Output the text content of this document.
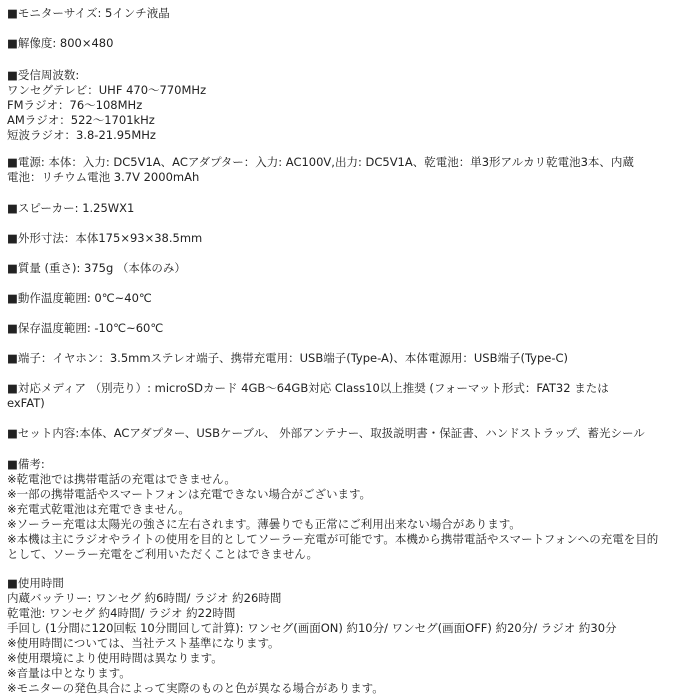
■モニターサイズ: 5インチ液晶
■解像度: 800×480
■受信周波数:
ワンセグテレビ：UHF 470～770MHz
FMラジオ：76～108MHz
AMラジオ：522～1701kHz
短波ラジオ：3.8-21.95MHz
■電源: 本体：入力: DC5V1A、ACアダプター：入力: AC100V,出力: DC5V1A、乾電池：単3形アルカリ乾電池3本、内蔵
電池：リチウム電池 3.7V 2000mAh
■スピーカー: 1.25WX1
■外形寸法：本体175×93×38.5mm
■質量 (重さ): 375g （本体のみ）
■動作温度範囲: 0℃~40℃
■保存温度範囲: -10℃~60℃
■端子：イヤホン：3.5mmステレオ端子、携帯充電用：USB端子(Type-A)、本体電源用：USB端子(Type-C)
■対応メディア （別売り）: microSDカード 4GB～64GB対応 Class10以上推奨 (フォーマット形式：FAT32 または
exFAT)
■セット内容:本体、ACアダプター、USBケーブル、 外部アンテナー、取扱説明書・保証書、ハンドストラップ、蓄光シール
■備考:
※乾電池では携帯電話の充電はできません。
※一部の携帯電話やスマートフォンは充電できない場合がございます。
※充電式乾電池は充電できません。
※ソーラー充電は太陽光の強さに左右されます。薄曇りでも正常にご利用出来ない場合があります。
※本機は主にラジオやライトの使用を目的としてソーラー充電が可能です。本機から携帯電話やスマートフォンへの充電を目的
として、ソーラー充電をご利用いただくことはできません。
■使用時間
内蔵バッテリー: ワンセグ 約6時間/ ラジオ 約26時間
乾電池: ワンセグ 約4時間/ ラジオ 約22時間
手回し (1分間に120回転 10分間回して計算): ワンセグ(画面ON) 約10分/ ワンセグ(画面OFF) 約20分/ ラジオ 約30分
※使用時間については、当社テスト基準になります。
※使用環境により使用時間は異なります。
※音量は中となります。
※モニターの発色具合によって実際のものと色が異なる場合があります。
